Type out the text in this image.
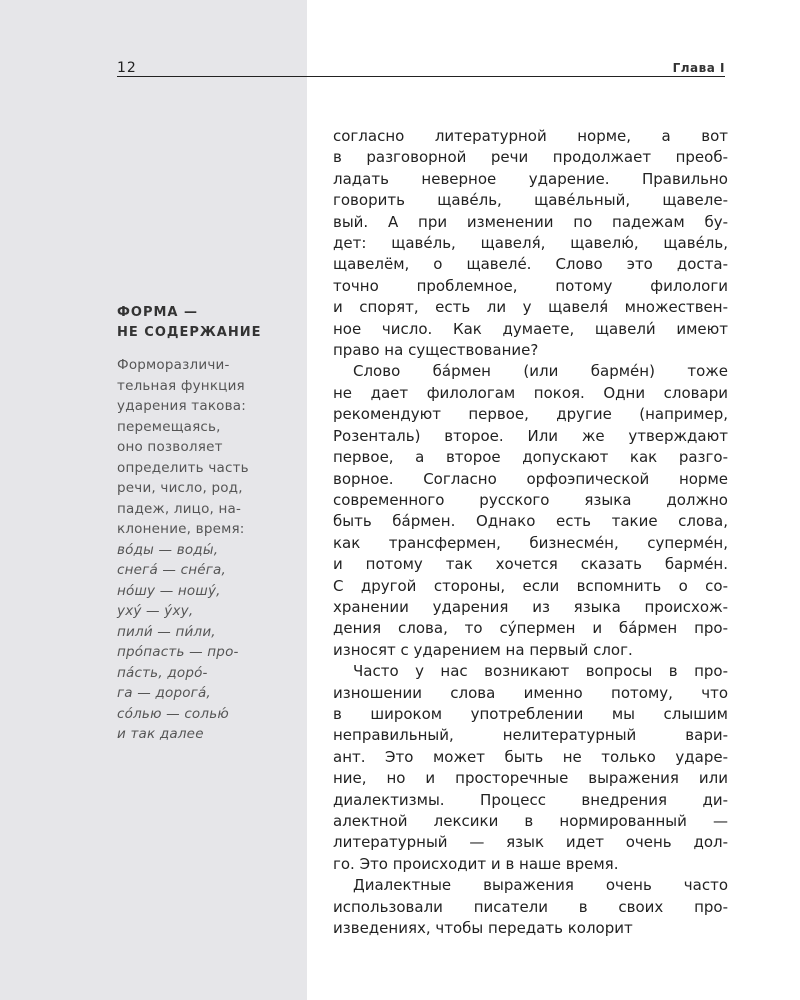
12	Глава I
ФОРМА —
НЕ СОДЕРЖАНИЕ
Форморазличи-
тельная функция
ударения такова:
перемещаясь,
оно позволяет
определить часть
речи, число, род,
падеж, лицо, на-
клонение, время:
во́ды — воды́,
снега́ — сне́га,
но́шу — ношу́,
уху́ — у́ху,
пили́ — пи́ли,
про́пасть — про-
па́сть, доро́-
га — дорога́,
со́лью — солью́
и так далее
согласно литературной норме, а вот
в разговорной речи продолжает преоб-
ладать неверное ударение. Правильно
говорить щаве́ль, щаве́льный, щавеле-
вый. А при изменении по падежам бу-
дет: щаве́ль, щавеля́, щавелю́, щаве́ль,
щавелём, о щавеле́. Слово это доста-
точно проблемное, потому филологи
и спорят, есть ли у щавеля́ множествен-
ное число. Как думаете, щавели́ имеют
право на существование?
Слово ба́рмен (или барме́н) тоже
не дает филологам покоя. Одни словари
рекомендуют первое, другие (например,
Розенталь) второе. Или же утверждают
первое, а второе допускают как разго-
ворное. Согласно орфоэпической норме
современного русского языка должно
быть ба́рмен. Однако есть такие слова,
как трансфермен, бизнесме́н, суперме́н,
и потому так хочется сказать барме́н.
С другой стороны, если вспомнить о со-
хранении ударения из языка происхож-
дения слова, то су́пермен и ба́рмен про-
износят с ударением на первый слог.
Часто у нас возникают вопросы в про-
изношении слова именно потому, что
в широком употреблении мы слышим
неправильный, нелитературный вари-
ант. Это может быть не только ударе-
ние, но и просторечные выражения или
диалектизмы. Процесс внедрения ди-
алектной лексики в нормированный —
литературный — язык идет очень дол-
го. Это происходит и в наше время.
Диалектные выражения очень часто
использовали писатели в своих про-
изведениях, чтобы передать колорит
